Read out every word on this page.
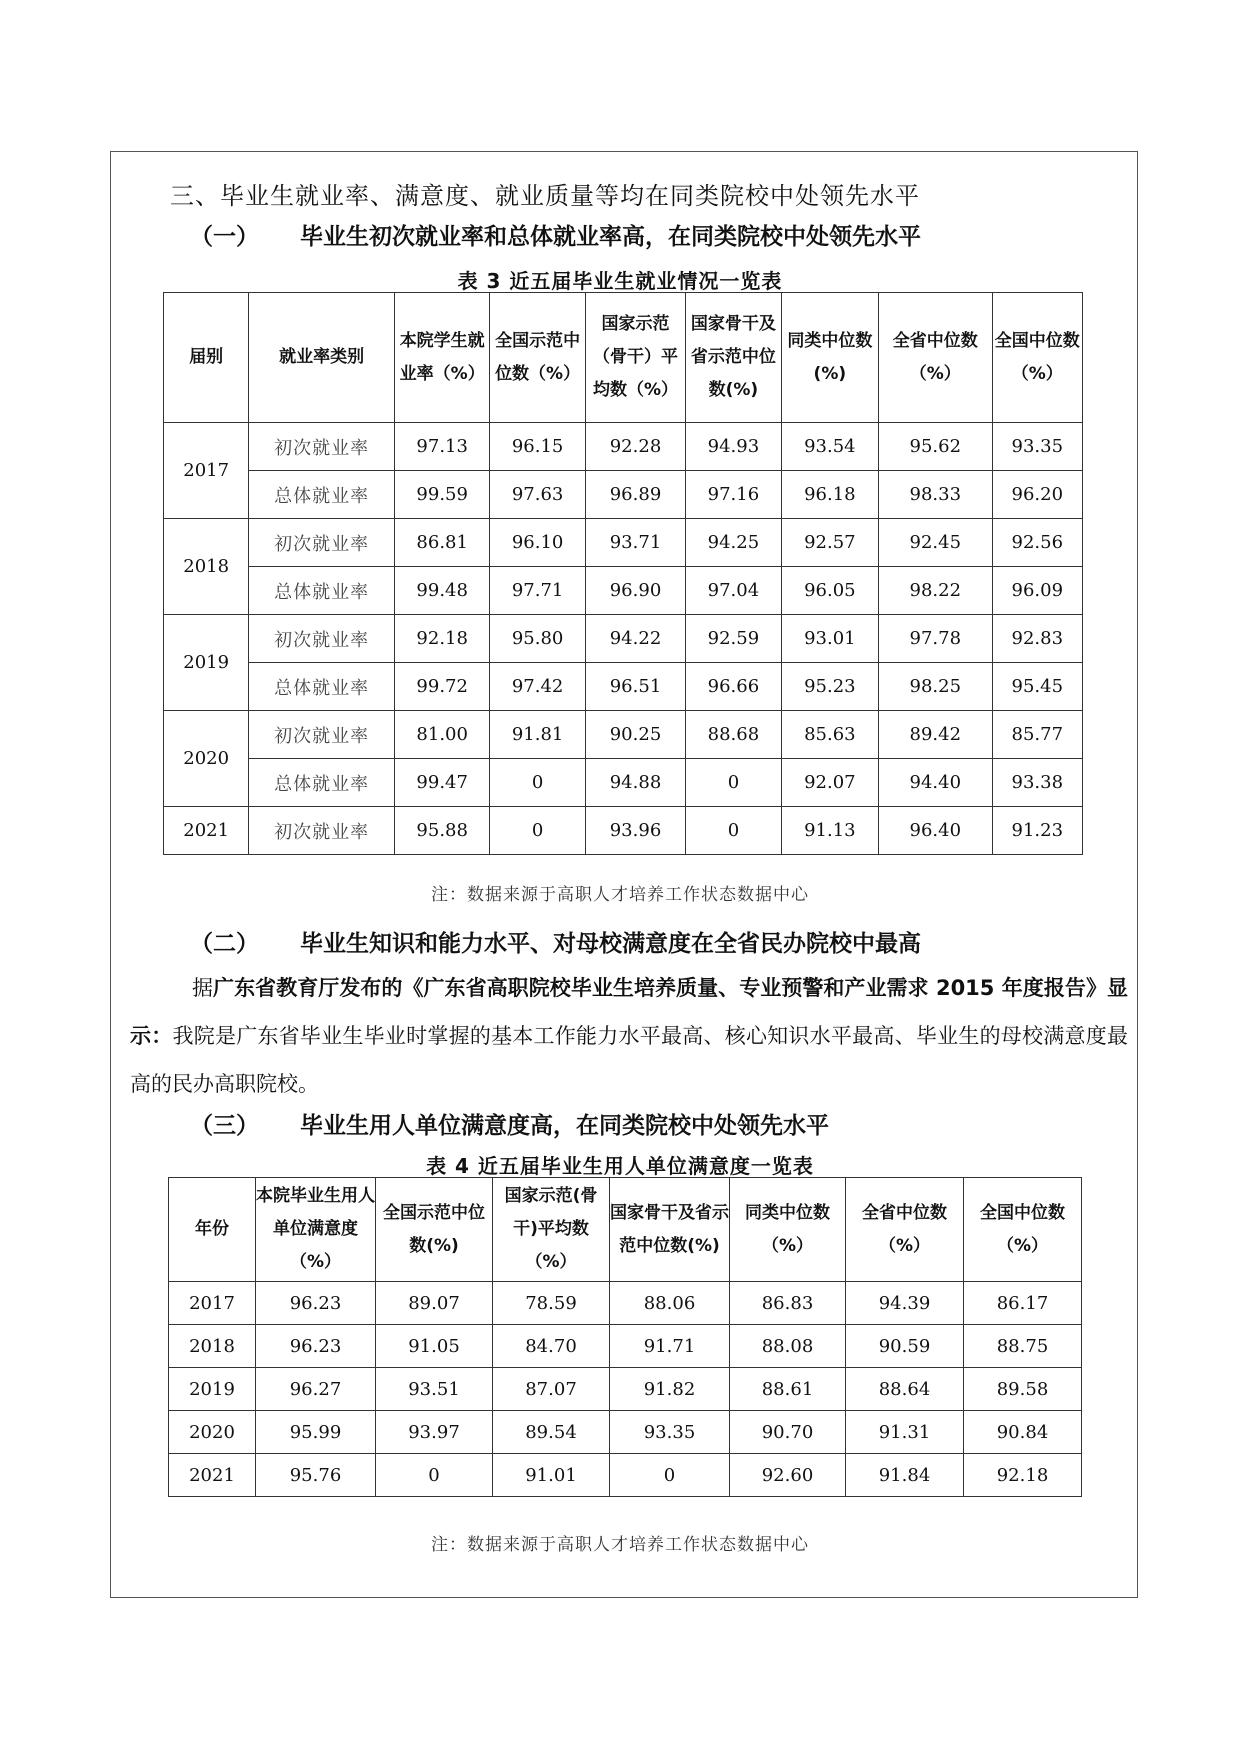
三、毕业生就业率、满意度、就业质量等均在同类院校中处领先水平
（一） 毕业生初次就业率和总体就业率高，在同类院校中处领先水平
表 3 近五届毕业生就业情况一览表
届别	就业率类别	本院学生就业率（%）	全国示范中位数（%）	国家示范（骨干）平均数（%）	国家骨干及省示范中位数(%)	同类中位数(%)	全省中位数（%）	全国中位数（%）
2017	初次就业率	97.13	96.15	92.28	94.93	93.54	95.62	93.35
	总体就业率	99.59	97.63	96.89	97.16	96.18	98.33	96.20
2018	初次就业率	86.81	96.10	93.71	94.25	92.57	92.45	92.56
	总体就业率	99.48	97.71	96.90	97.04	96.05	98.22	96.09
2019	初次就业率	92.18	95.80	94.22	92.59	93.01	97.78	92.83
	总体就业率	99.72	97.42	96.51	96.66	95.23	98.25	95.45
2020	初次就业率	81.00	91.81	90.25	88.68	85.63	89.42	85.77
	总体就业率	99.47	0	94.88	0	92.07	94.40	93.38
2021	初次就业率	95.88	0	93.96	0	91.13	96.40	91.23
注：数据来源于高职人才培养工作状态数据中心
（二） 毕业生知识和能力水平、对母校满意度在全省民办院校中最高
据广东省教育厅发布的《广东省高职院校毕业生培养质量、专业预警和产业需求 2015 年度报告》显示：我院是广东省毕业生毕业时掌握的基本工作能力水平最高、核心知识水平最高、毕业生的母校满意度最高的民办高职院校。
（三） 毕业生用人单位满意度高，在同类院校中处领先水平
表 4 近五届毕业生用人单位满意度一览表
年份	本院毕业生用人单位满意度（%）	全国示范中位数(%)	国家示范(骨干)平均数（%）	国家骨干及省示范中位数(%)	同类中位数（%）	全省中位数（%）	全国中位数（%）
2017	96.23	89.07	78.59	88.06	86.83	94.39	86.17
2018	96.23	91.05	84.70	91.71	88.08	90.59	88.75
2019	96.27	93.51	87.07	91.82	88.61	88.64	89.58
2020	95.99	93.97	89.54	93.35	90.70	91.31	90.84
2021	95.76	0	91.01	0	92.60	91.84	92.18
注：数据来源于高职人才培养工作状态数据中心
